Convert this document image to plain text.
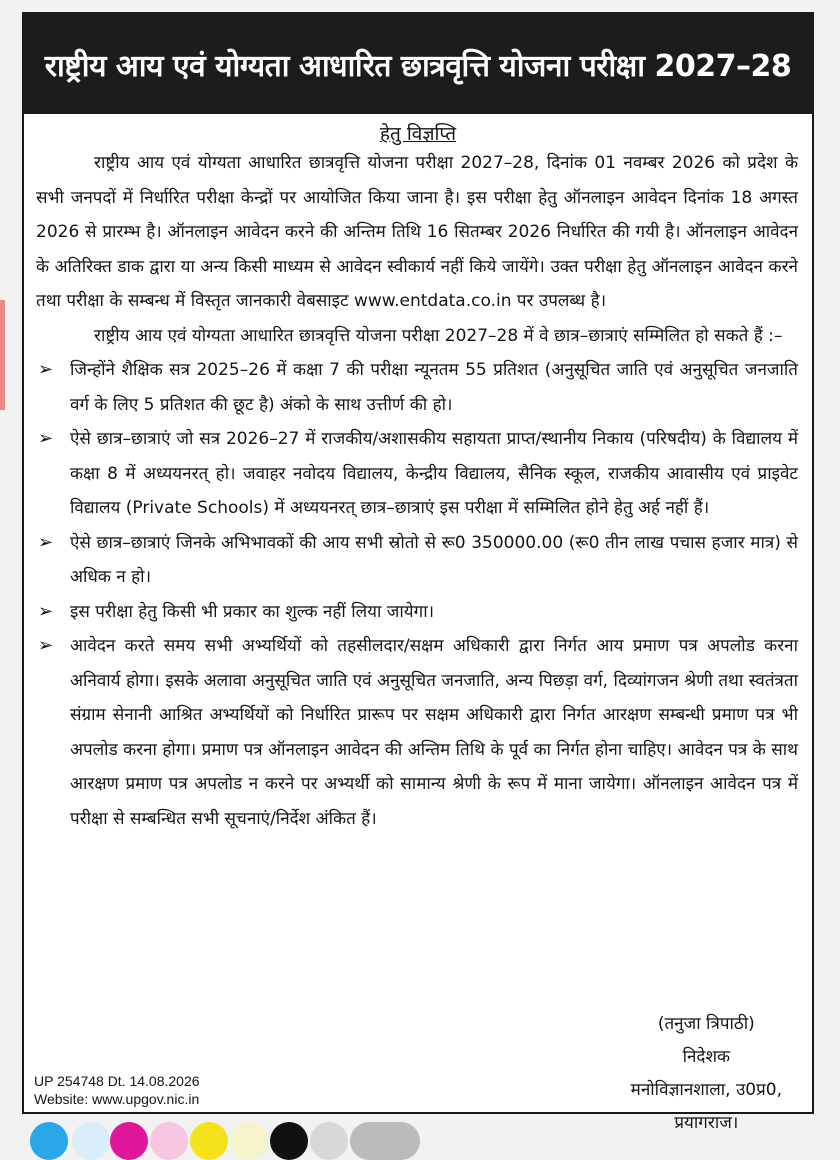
राष्ट्रीय आय एवं योग्यता आधारित छात्रवृत्ति योजना परीक्षा 2027–28
हेतु विज्ञप्ति

राष्ट्रीय आय एवं योग्यता आधारित छात्रवृत्ति योजना परीक्षा 2027–28, दिनांक 01 नवम्बर 2026 को प्रदेश के सभी जनपदों में निर्धारित परीक्षा केन्द्रों पर आयोजित किया जाना है। इस परीक्षा हेतु ऑनलाइन आवेदन दिनांक 18 अगस्त 2026 से प्रारम्भ है। ऑनलाइन आवेदन करने की अन्तिम तिथि 16 सितम्बर 2026 निर्धारित की गयी है। ऑनलाइन आवेदन के अतिरिक्त डाक द्वारा या अन्य किसी माध्यम से आवेदन स्वीकार्य नहीं किये जायेंगे। उक्त परीक्षा हेतु ऑनलाइन आवेदन करने तथा परीक्षा के सम्बन्ध में विस्तृत जानकारी वेबसाइट www.entdata.co.in पर उपलब्ध है।

राष्ट्रीय आय एवं योग्यता आधारित छात्रवृत्ति योजना परीक्षा 2027–28 में वे छात्र–छात्राएं सम्मिलित हो सकते हैं :–

➢ जिन्होंने शैक्षिक सत्र 2025–26 में कक्षा 7 की परीक्षा न्यूनतम 55 प्रतिशत (अनुसूचित जाति एवं अनुसूचित जनजाति वर्ग के लिए 5 प्रतिशत की छूट है) अंको के साथ उत्तीर्ण की हो।
➢ ऐसे छात्र–छात्राएं जो सत्र 2026–27 में राजकीय/अशासकीय सहायता प्राप्त/स्थानीय निकाय (परिषदीय) के विद्यालय में कक्षा 8 में अध्ययनरत् हो। जवाहर नवोदय विद्यालय, केन्द्रीय विद्यालय, सैनिक स्कूल, राजकीय आवासीय एवं प्राइवेट विद्यालय (Private Schools) में अध्ययनरत् छात्र–छात्राएं इस परीक्षा में सम्मिलित होने हेतु अर्ह नहीं हैं।
➢ ऐसे छात्र–छात्राएं जिनके अभिभावकों की आय सभी स्रोतो से रू0 350000.00 (रू0 तीन लाख पचास हजार मात्र) से अधिक न हो।
➢ इस परीक्षा हेतु किसी भी प्रकार का शुल्क नहीं लिया जायेगा।
➢ आवेदन करते समय सभी अभ्यर्थियों को तहसीलदार/सक्षम अधिकारी द्वारा निर्गत आय प्रमाण पत्र अपलोड करना अनिवार्य होगा। इसके अलावा अनुसूचित जाति एवं अनुसूचित जनजाति, अन्य पिछड़ा वर्ग, दिव्यांगजन श्रेणी तथा स्वतंत्रता संग्राम सेनानी आश्रित अभ्यर्थियों को निर्धारित प्रारूप पर सक्षम अधिकारी द्वारा निर्गत आरक्षण सम्बन्धी प्रमाण पत्र भी अपलोड करना होगा। प्रमाण पत्र ऑनलाइन आवेदन की अन्तिम तिथि के पूर्व का निर्गत होना चाहिए। आवेदन पत्र के साथ आरक्षण प्रमाण पत्र अपलोड न करने पर अभ्यर्थी को सामान्य श्रेणी के रूप में माना जायेगा। ऑनलाइन आवेदन पत्र में परीक्षा से सम्बन्धित सभी सूचनाएं/निर्देश अंकित हैं।
(तनुजा त्रिपाठी)
निदेशक
मनोविज्ञानशाला, उ0प्र0,
प्रयागराज।
UP 254748 Dt. 14.08.2026
Website: www.upgov.nic.in
